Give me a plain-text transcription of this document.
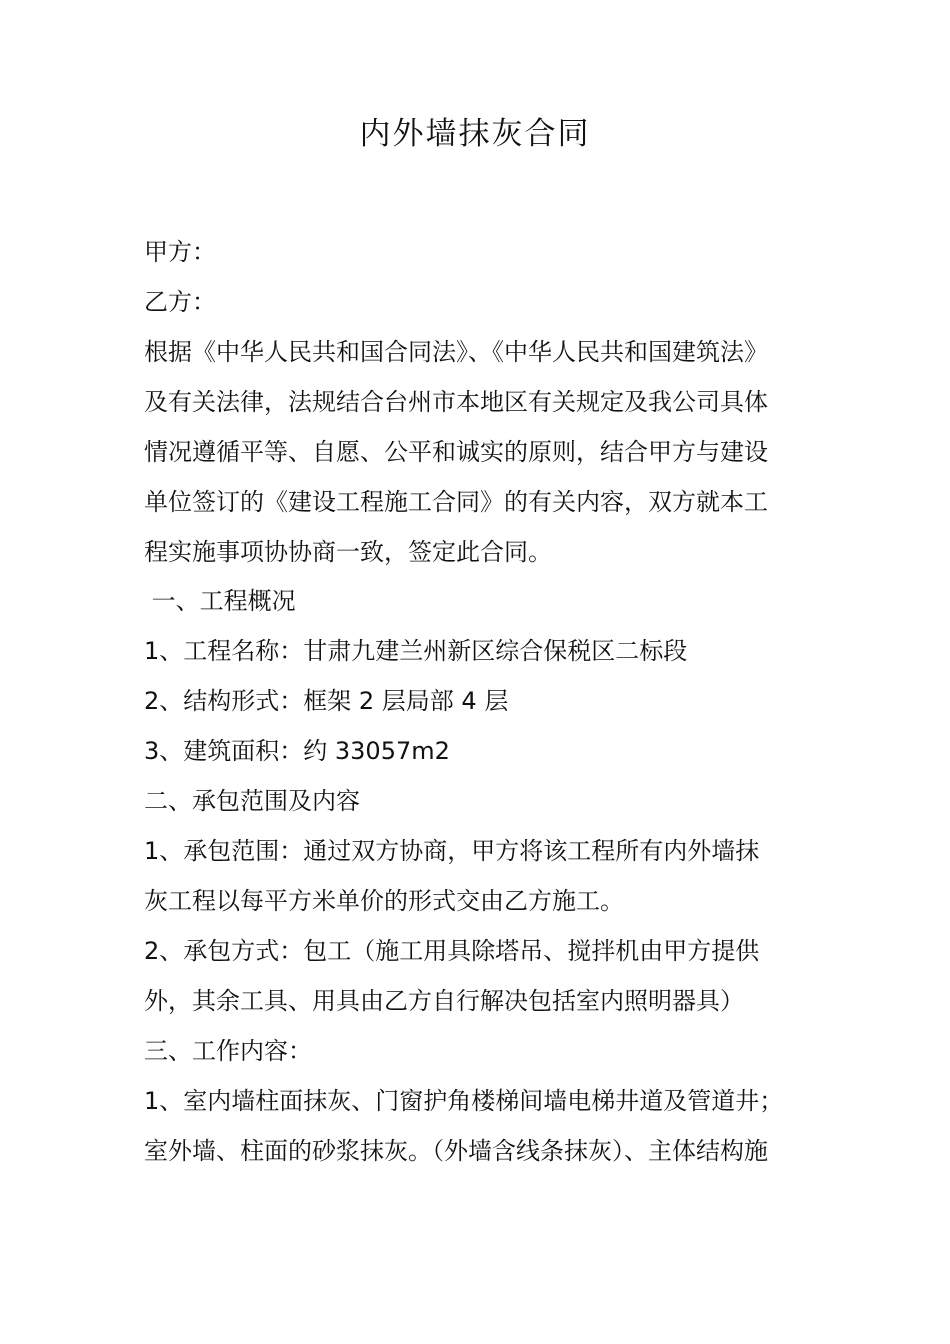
内外墙抹灰合同
甲方：
乙方：
根据《中华人民共和国合同法》、《中华人民共和国建筑法》
及有关法律，法规结合台州市本地区有关规定及我公司具体
情况遵循平等、自愿、公平和诚实的原则，结合甲方与建设
单位签订的《建设工程施工合同》的有关内容，双方就本工
程实施事项协协商一致，签定此合同。
一、工程概况
1、工程名称：甘肃九建兰州新区综合保税区二标段
2、结构形式：框架 2 层局部 4 层
3、建筑面积：约 33057m2
二、承包范围及内容
1、承包范围：通过双方协商，甲方将该工程所有内外墙抹
灰工程以每平方米单价的形式交由乙方施工。
2、承包方式：包工（施工用具除塔吊、搅拌机由甲方提供
外，其余工具、用具由乙方自行解决包括室内照明器具）
三、工作内容：
1、室内墙柱面抹灰、门窗护角楼梯间墙电梯井道及管道井；
室外墙、柱面的砂浆抹灰。（外墙含线条抹灰）、主体结构施
